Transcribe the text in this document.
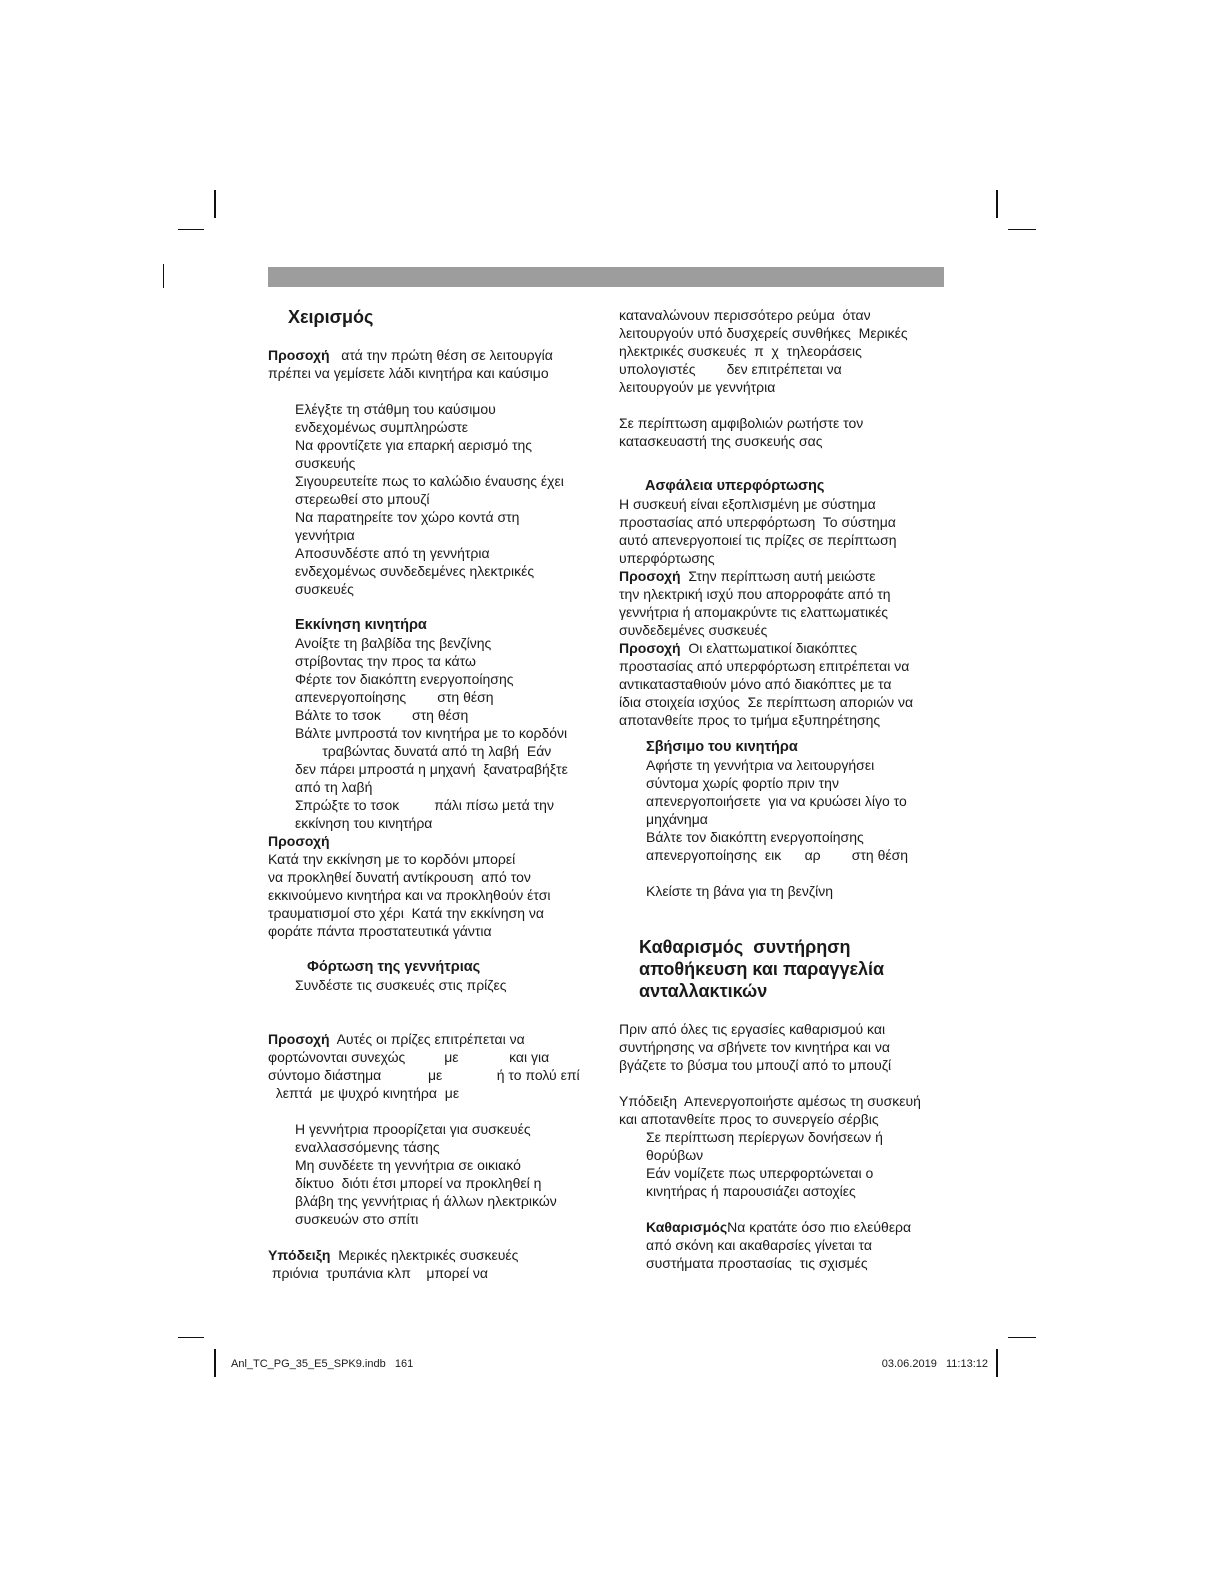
Χειρισμός

Προσοχή   ατά την πρώτη θέση σε λειτουργία

πρέπει να γεμίσετε λάδι κινητήρα και καύσιμο

Ελέγξτε τη στάθμη του καύσιμου

ενδεχομένως συμπληρώστε

Να φροντίζετε για επαρκή αερισμό της

συσκευής

Σιγουρευτείτε πως το καλώδιο έναυσης έχει

στερεωθεί στο μπουζί

Να παρατηρείτε τον χώρο κοντά στη

γεννήτρια

Αποσυνδέστε από τη γεννήτρια

ενδεχομένως συνδεδεμένες ηλεκτρικές

συσκευές

Εκκίνηση κινητήρα

Ανοίξτε τη βαλβίδα της βενζίνης

στρίβοντας την προς τα κάτω

Φέρτε τον διακόπτη ενεργοποίησης

απενεργοποίησης        στη θέση

Βάλτε το τσοκ        στη θέση

Βάλτε μνπροστά τον κινητήρα με το κορδόνι

τραβώντας δυνατά από τη λαβή  Εάν

δεν πάρει μπροστά η μηχανή  ξανατραβήξτε

από τη λαβή

Σπρώξτε το τσοκ         πάλι πίσω μετά την

εκκίνηση του κινητήρα

Προσοχή

Κατά την εκκίνηση με το κορδόνι μπορεί

να προκληθεί δυνατή αντίκρουση  από τον

εκκινούμενο κινητήρα και να προκληθούν έτσι

τραυματισμοί στο χέρι  Κατά την εκκίνηση να

φοράτε πάντα προστατευτικά γάντια

Φόρτωση της γεννήτριας

Συνδέστε τις συσκευές στις πρίζες

Προσοχή  Αυτές οι πρίζες επιτρέπεται να

φορτώνονται συνεχώς          με             και για

σύντομο διάστημα            με              ή το πολύ επί

λεπτά  με ψυχρό κινητήρα  με

Η γεννήτρια προορίζεται για συσκευές

εναλλασσόμενης τάσης

Μη συνδέετε τη γεννήτρια σε οικιακό

δίκτυο  διότι έτσι μπορεί να προκληθεί η

βλάβη της γεννήτριας ή άλλων ηλεκτρικών

συσκευών στο σπίτι

Υπόδειξη  Μερικές ηλεκτρικές συσκευές

πριόνια  τρυπάνια κλπ    μπορεί να

καταναλώνουν περισσότερο ρεύμα  όταν

λειτουργούν υπό δυσχερείς συνθήκες  Μερικές

ηλεκτρικές συσκευές  π  χ  τηλεοράσεις

υπολογιστές        δεν επιτρέπεται να

λειτουργούν με γεννήτρια

Σε περίπτωση αμφιβολιών ρωτήστε τον

κατασκευαστή της συσκευής σας

Ασφάλεια υπερφόρτωσης

Η συσκευή είναι εξοπλισμένη με σύστημα

προστασίας από υπερφόρτωση  Το σύστημα

αυτό απενεργοποιεί τις πρίζες σε περίπτωση

υπερφόρτωσης

Προσοχή  Στην περίπτωση αυτή μειώστε

την ηλεκτρική ισχύ που απορροφάτε από τη

γεννήτρια ή απομακρύντε τις ελαττωματικές

συνδεδεμένες συσκευές

Προσοχή  Οι ελαττωματικοί διακόπτες

προστασίας από υπερφόρτωση επιτρέπεται να

αντικατασταθιούν μόνο από διακόπτες με τα

ίδια στοιχεία ισχύος  Σε περίπτωση απoριών να

αποτανθείτε προς το τμήμα εξυπηρέτησης

Σβήσιμο του κινητήρα

Αφήστε τη γεννήτρια να λειτουργήσει

σύντομα χωρίς φορτίο πριν την

απενεργοποιήσετε  για να κρυώσει λίγο το

μηχάνημα

Βάλτε τον διακόπτη ενεργοποίησης

απενεργοποίησης  εικ      αρ        στη θέση

Κλείστε τη βάνα για τη βενζίνη

Καθαρισμός  συντήρηση

αποθήκευση και παραγγελία

ανταλλακτικών

Πριν από όλες τις εργασίες καθαρισμού και

συντήρησης να σβήνετε τον κινητήρα και να

βγάζετε το βύσμα του μπουζί από το μπουζί

Υπόδειξη  Απενεργοποιήστε αμέσως τη συσκευή

και αποτανθείτε προς το συνεργείο σέρβις

Σε περίπτωση περίεργων δονήσεων ή

θορύβων

Εάν νομίζετε πως υπερφορτώνεται ο

κινητήρας ή παρουσιάζει αστοχίες

ΚαθαρισμόςΝα κρατάτε όσο πιο ελεύθερα

από σκόνη και ακαθαρσίες γίνεται τα

συστήματα προστασίας  τις σχισμές

Anl_TC_PG_35_E5_SPK9.indb   161	03.06.2019   11:13:12
